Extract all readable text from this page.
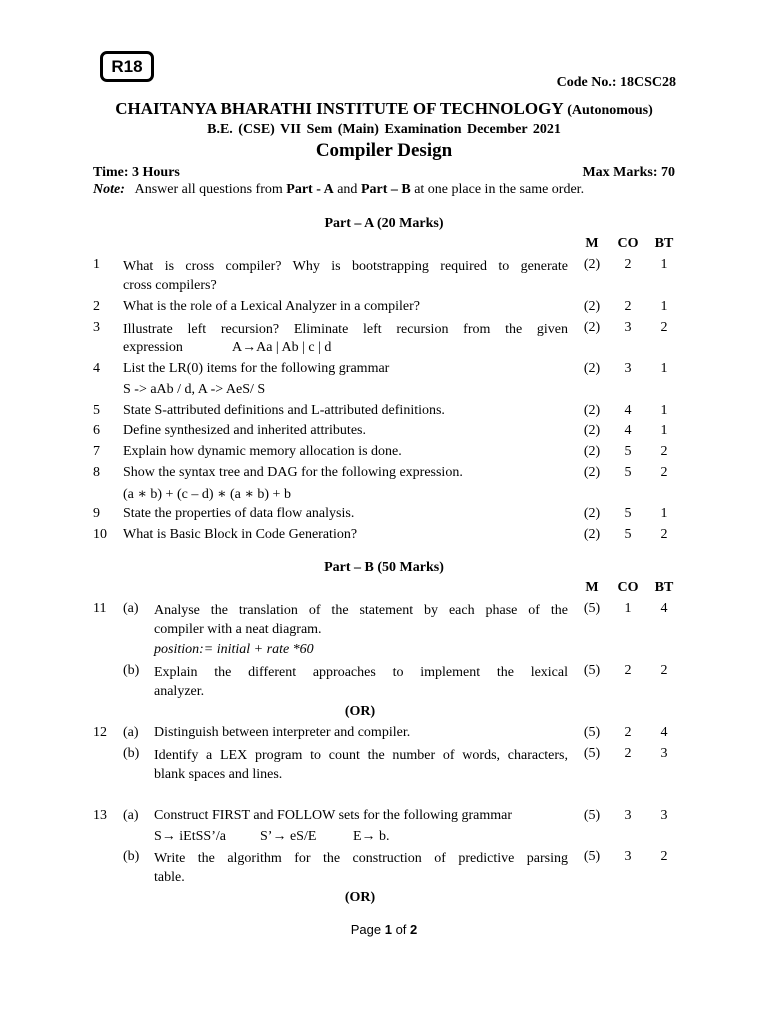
R18
Code No.: 18CSC28
CHAITANYA BHARATHI INSTITUTE OF TECHNOLOGY (Autonomous)
B.E. (CSE) VII Sem (Main) Examination December 2021
Compiler Design
Time: 3 Hours	Max Marks: 70
Note: Answer all questions from Part - A and Part – B at one place in the same order.
Part – A (20 Marks)
M	CO	BT
1 What is cross compiler? Why is bootstrapping required to generate
cross compilers?
(2)	2	1
2 What is the role of a Lexical Analyzer in a compiler?	(2)	2	1
3 Illustrate left recursion? Eliminate left recursion from the given
expression	A→Aa | Ab | c | d
(2)	3	2
4 List the LR(0) items for the following grammar
S -> aAb / d, A -> AeS/ S
(2)	3	1
5 State S-attributed definitions and L-attributed definitions.	(2)	4	1
6 Define synthesized and inherited attributes.	(2)	4	1
7 Explain how dynamic memory allocation is done.	(2)	5	2
8 Show the syntax tree and DAG for the following expression.
(a ∗ b) + (c – d) ∗ (a ∗ b) + b
(2)	5	2
9 State the properties of data flow analysis.	(2)	5	1
10 What is Basic Block in Code Generation?	(2)	5	2
Part – B (50 Marks)
M	CO	BT
11 (a) Analyse the translation of the statement by each phase of the
compiler with a neat diagram.
position:= initial + rate *60
(5)	1	4
(b) Explain the different approaches to implement the lexical
analyzer.
(5)	2	2
(OR)
12 (a) Distinguish between interpreter and compiler.	(5)	2	4
(b) Identify a LEX program to count the number of words, characters,
blank spaces and lines.
(5)	2	3
13 (a) Construct FIRST and FOLLOW sets for the following grammar
S→ iEtSS’/a S’→ eS/E	E→ b.
(5)	3	3
(b) Write the algorithm for the construction of predictive parsing
table.
(5)	3	2
(OR)
Page 1 of 2
